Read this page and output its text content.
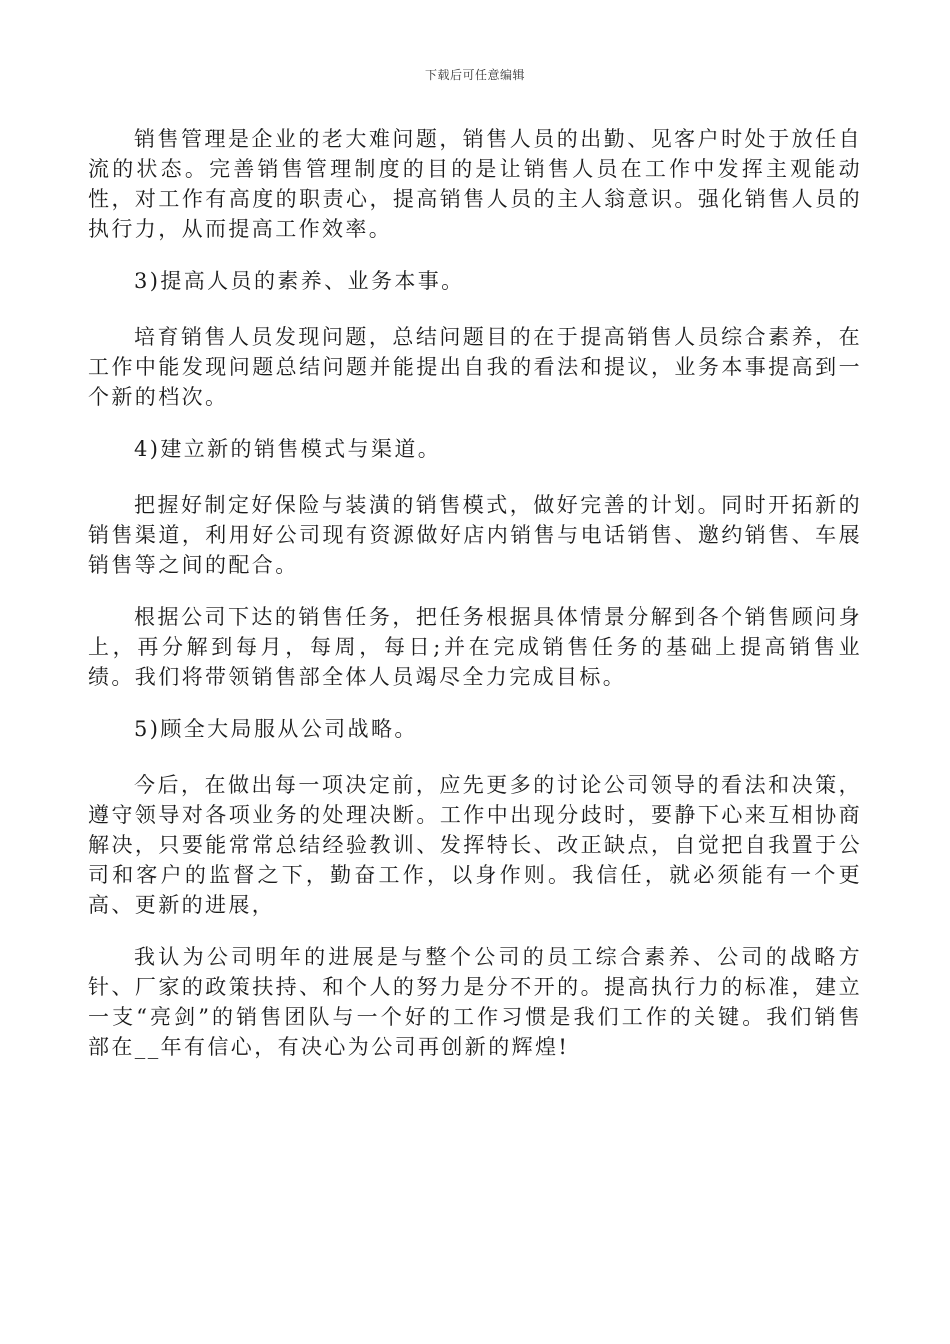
下载后可任意编辑

销售管理是企业的老大难问题，销售人员的出勤、见客户时处于放任自流的状态。完善销售管理制度的目的是让销售人员在工作中发挥主观能动性，对工作有高度的职责心，提高销售人员的主人翁意识。强化销售人员的执行力，从而提高工作效率。

3)提高人员的素养、业务本事。

培育销售人员发现问题，总结问题目的在于提高销售人员综合素养，在工作中能发现问题总结问题并能提出自我的看法和提议，业务本事提高到一个新的档次。

4)建立新的销售模式与渠道。

把握好制定好保险与装潢的销售模式，做好完善的计划。同时开拓新的销售渠道，利用好公司现有资源做好店内销售与电话销售、邀约销售、车展销售等之间的配合。

根据公司下达的销售任务，把任务根据具体情景分解到各个销售顾问身上，再分解到每月，每周，每日;并在完成销售任务的基础上提高销售业绩。我们将带领销售部全体人员竭尽全力完成目标。

5)顾全大局服从公司战略。

今后，在做出每一项决定前，应先更多的讨论公司领导的看法和决策，遵守领导对各项业务的处理决断。工作中出现分歧时，要静下心来互相协商解决，只要能常常总结经验教训、发挥特长、改正缺点，自觉把自我置于公司和客户的监督之下，勤奋工作，以身作则。我信任，就必须能有一个更高、更新的进展，

我认为公司明年的进展是与整个公司的员工综合素养、公司的战略方针、厂家的政策扶持、和个人的努力是分不开的。提高执行力的标准，建立一支“亮剑”的销售团队与一个好的工作习惯是我们工作的关键。我们销售部在__年有信心，有决心为公司再创新的辉煌!
